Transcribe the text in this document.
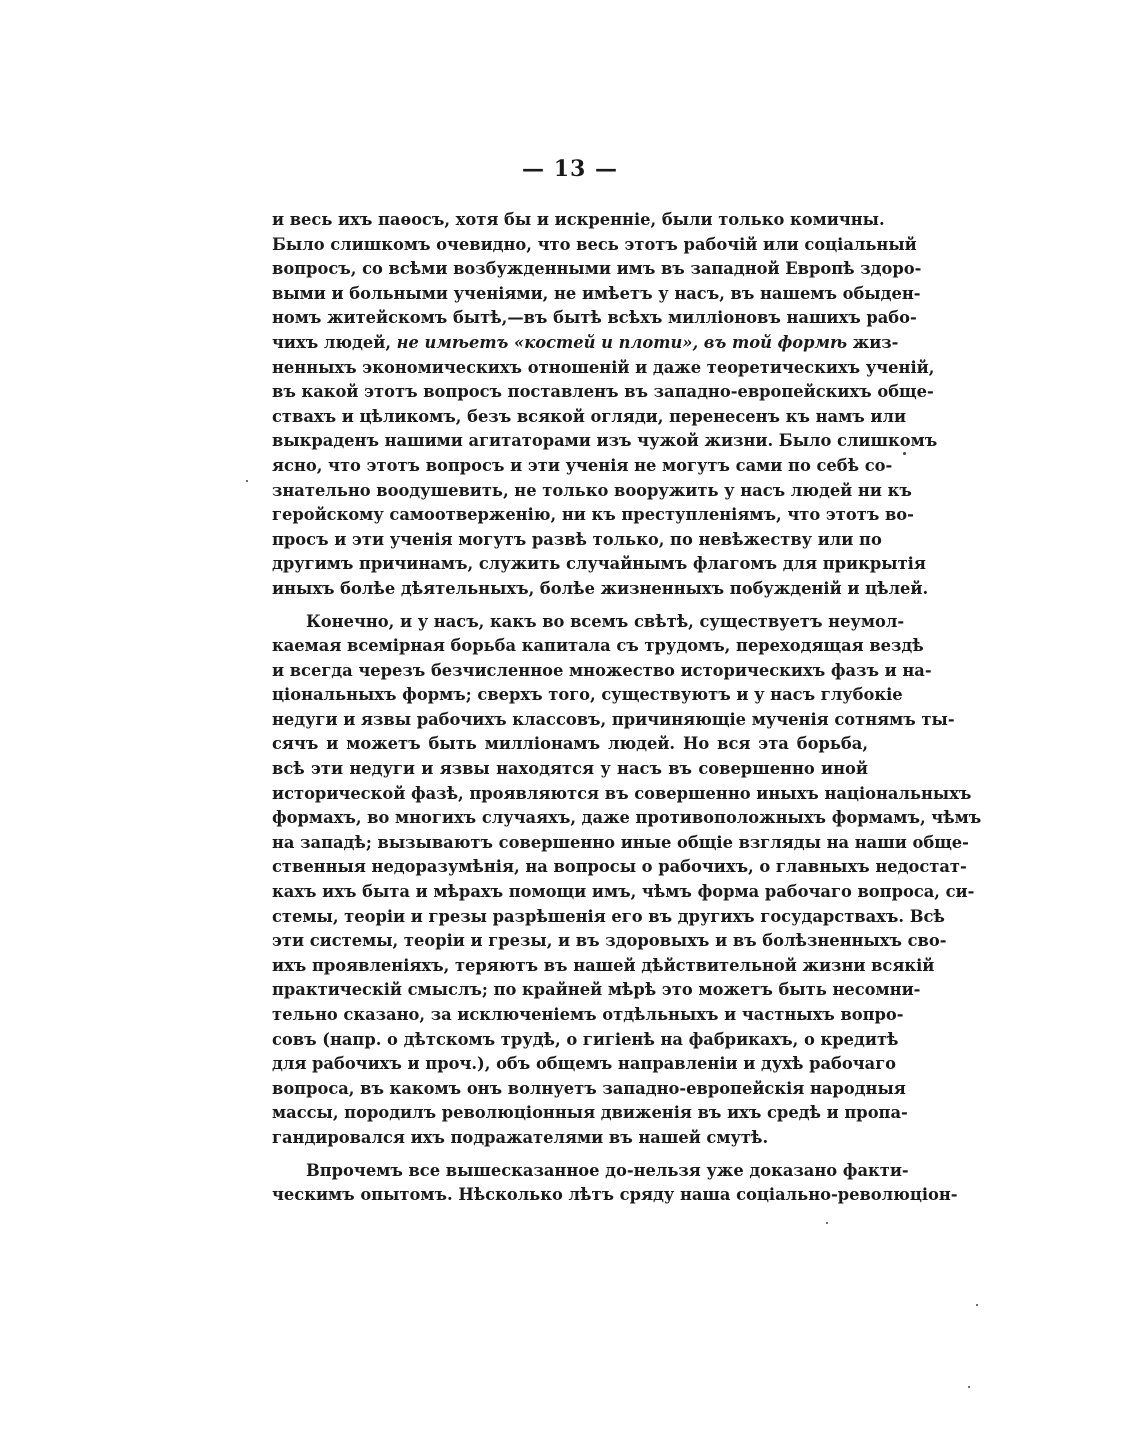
— 13 —
и весь ихъ паѳосъ, хотя бы и искренніе, были только комичны.
Было слишкомъ очевидно, что весь этотъ рабочій или соціальный
вопросъ, со всѣми возбужденными имъ въ западной Европѣ здоро-
выми и больными ученіями, не имѣетъ у насъ, въ нашемъ обыден-
номъ житейскомъ бытѣ,—въ бытѣ всѣхъ милліоновъ нашихъ рабо-
чихъ людей, не имѣетъ «костей и плоти», въ той формѣ жиз-
ненныхъ экономическихъ отношеній и даже теоретическихъ ученій,
въ какой этотъ вопросъ поставленъ въ западно-европейскихъ обще-
ствахъ и цѣликомъ, безъ всякой огляди, перенесенъ къ намъ или
выкраденъ нашими агитаторами изъ чужой жизни. Было слишкомъ
ясно, что этотъ вопросъ и эти ученія не могутъ сами по себѣ со-
знательно воодушевить, не только вооружить у насъ людей ни къ
геройскому самоотверженію, ни къ преступленіямъ, что этотъ во-
просъ и эти ученія могутъ развѣ только, по невѣжеству или по
другимъ причинамъ, служить случайнымъ флагомъ для прикрытія
иныхъ болѣе дѣятельныхъ, болѣе жизненныхъ побужденій и цѣлей.
Конечно, и у насъ, какъ во всемъ свѣтѣ, существуетъ неумол-
каемая всемірная борьба капитала съ трудомъ, переходящая вездѣ
и всегда черезъ безчисленное множество историческихъ фазъ и на-
ціональныхъ формъ; сверхъ того, существуютъ и у насъ глубокіе
недуги и язвы рабочихъ классовъ, причиняющіе мученія сотнямъ ты-
сячъ и можетъ быть милліонамъ людей. Но вся эта борьба,
всѣ эти недуги и язвы находятся у насъ въ совершенно иной
исторической фазѣ, проявляются въ совершенно иныхъ національныхъ
формахъ, во многихъ случаяхъ, даже противоположныхъ формамъ, чѣмъ
на западѣ; вызываютъ совершенно иные общіе взгляды на наши обще-
ственныя недоразумѣнія, на вопросы о рабочихъ, о главныхъ недостат-
кахъ ихъ быта и мѣрахъ помощи имъ, чѣмъ форма рабочаго вопроса, си-
стемы, теоріи и грезы разрѣшенія его въ другихъ государствахъ. Всѣ
эти системы, теоріи и грезы, и въ здоровыхъ и въ болѣзненныхъ сво-
ихъ проявленіяхъ, теряютъ въ нашей дѣйствительной жизни всякій
практическій смыслъ; по крайней мѣрѣ это можетъ быть несомни-
тельно сказано, за исключеніемъ отдѣльныхъ и частныхъ вопро-
совъ (напр. о дѣтскомъ трудѣ, о гигіенѣ на фабрикахъ, о кредитѣ
для рабочихъ и проч.), объ общемъ направленіи и духѣ рабочаго
вопроса, въ какомъ онъ волнуетъ западно-европейскія народныя
массы, породилъ революціонныя движенія въ ихъ средѣ и пропа-
гандировался ихъ подражателями въ нашей смутѣ.
Впрочемъ все вышесказанное до-нельзя уже доказано факти-
ческимъ опытомъ. Нѣсколько лѣтъ сряду наша соціально-революціон-
